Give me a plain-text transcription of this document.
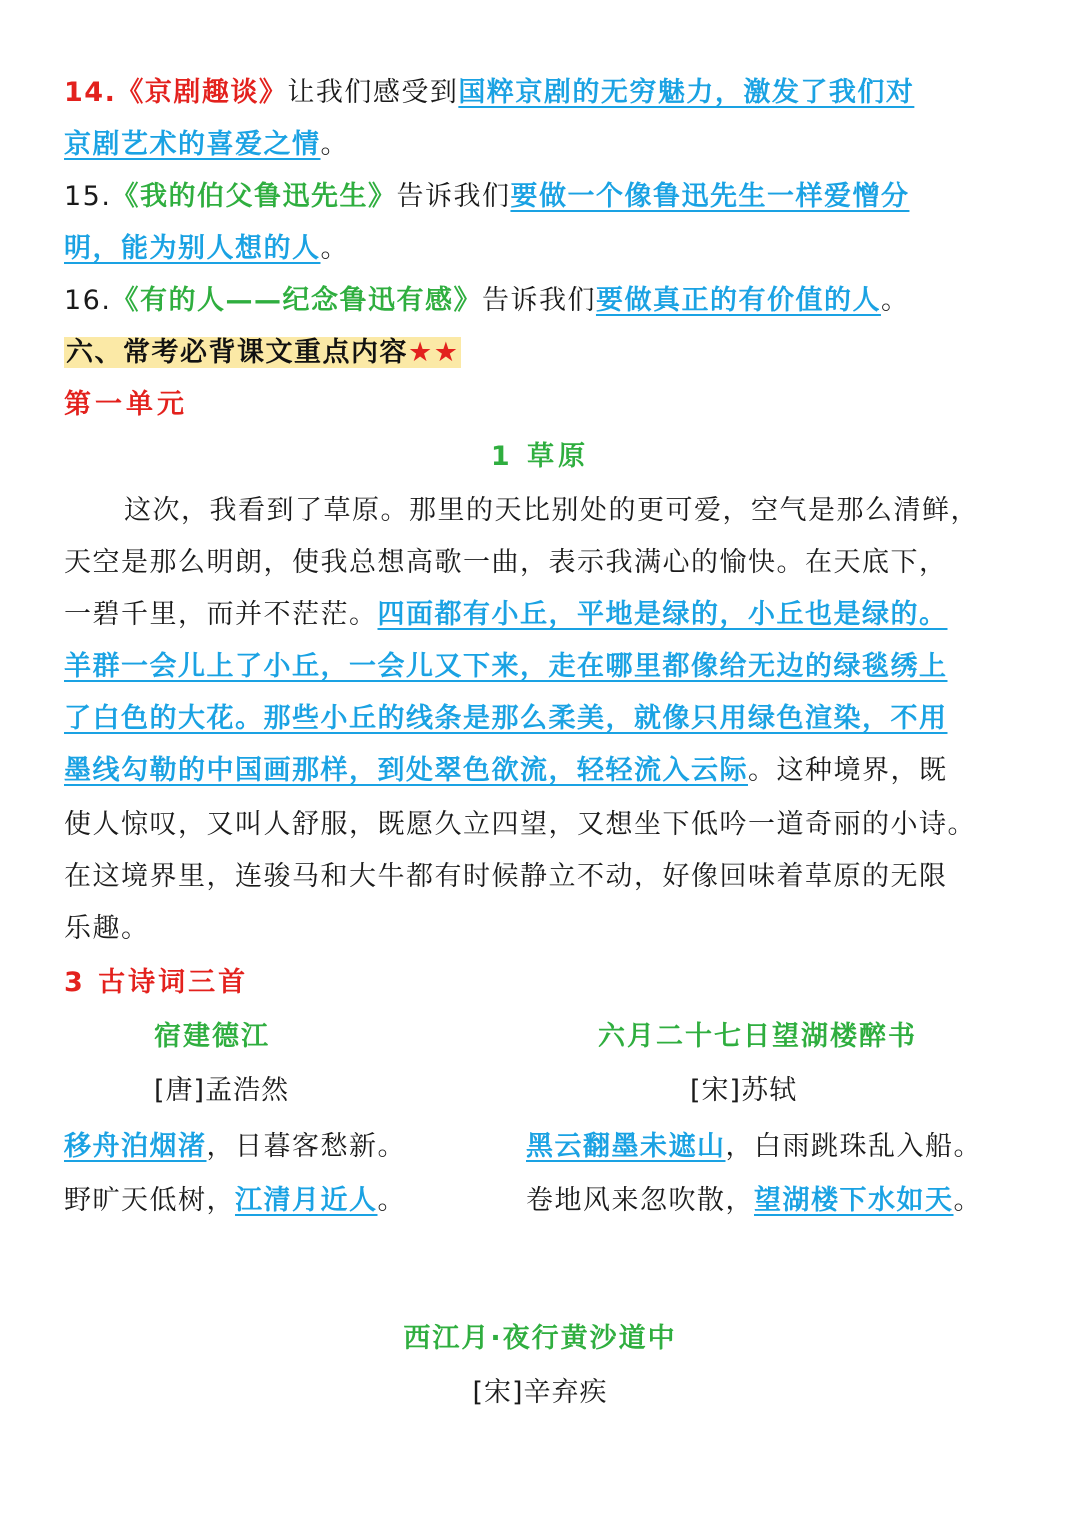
14.《京剧趣谈》让我们感受到国粹京剧的无穷魅力，激发了我们对
京剧艺术的喜爱之情。
15.《我的伯父鲁迅先生》告诉我们要做一个像鲁迅先生一样爱憎分
明，能为别人想的人。
16.《有的人——纪念鲁迅有感》告诉我们要做真正的有价值的人。
六、常考必背课文重点内容★★
第一单元
1 草原
这次，我看到了草原。那里的天比别处的更可爱，空气是那么清鲜，
天空是那么明朗，使我总想高歌一曲，表示我满心的愉快。在天底下，
一碧千里，而并不茫茫。四面都有小丘，平地是绿的，小丘也是绿的。
羊群一会儿上了小丘，一会儿又下来，走在哪里都像给无边的绿毯绣上
了白色的大花。那些小丘的线条是那么柔美，就像只用绿色渲染，不用
墨线勾勒的中国画那样，到处翠色欲流，轻轻流入云际。这种境界，既
使人惊叹，又叫人舒服，既愿久立四望，又想坐下低吟一道奇丽的小诗。
在这境界里，连骏马和大牛都有时候静立不动，好像回味着草原的无限
乐趣。
3 古诗词三首
宿建德江
[唐]孟浩然
移舟泊烟渚，日暮客愁新。
野旷天低树，江清月近人。
六月二十七日望湖楼醉书
[宋]苏轼
黑云翻墨未遮山，白雨跳珠乱入船。
卷地风来忽吹散，望湖楼下水如天。
西江月·夜行黄沙道中
[宋]辛弃疾
